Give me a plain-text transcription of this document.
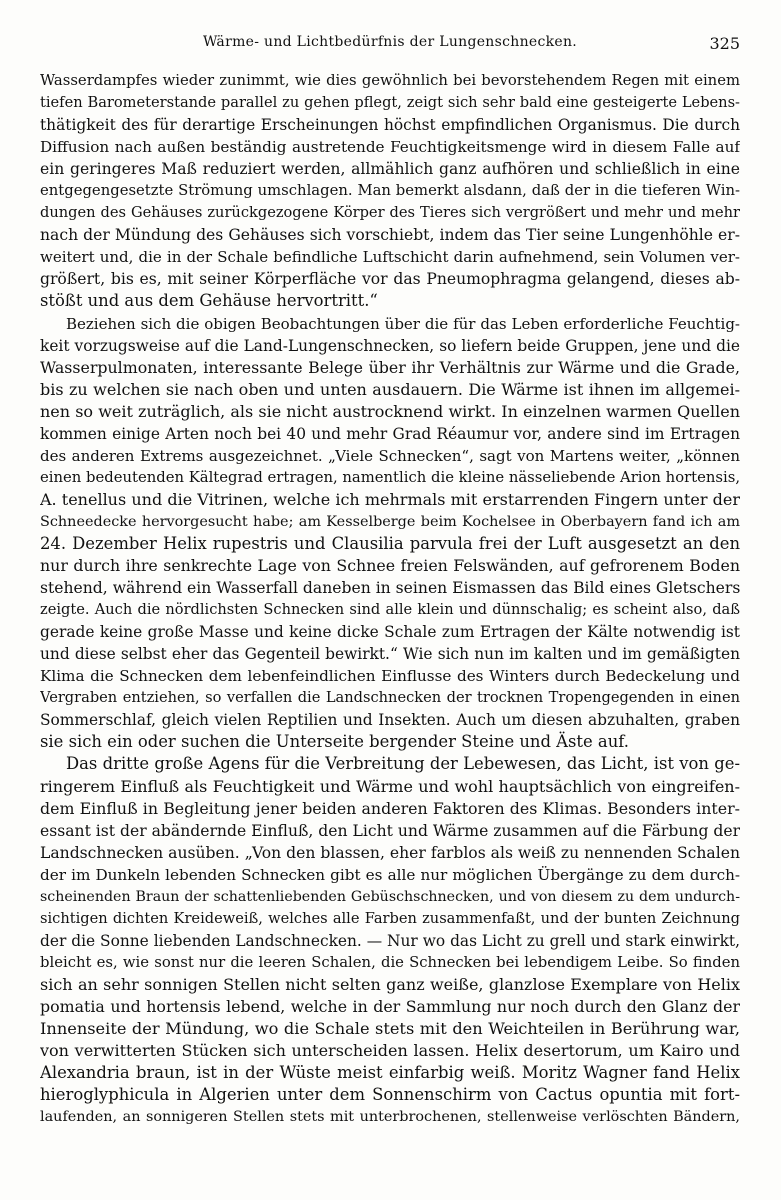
Wärme- und Lichtbedürfnis der Lungenschnecken.	325
Wasserdampfes wieder zunimmt, wie dies gewöhnlich bei bevorstehendem Regen mit einem
tiefen Barometerstande parallel zu gehen pflegt, zeigt sich sehr bald eine gesteigerte Lebens-
thätigkeit des für derartige Erscheinungen höchst empfindlichen Organismus. Die durch
Diffusion nach außen beständig austretende Feuchtigkeitsmenge wird in diesem Falle auf
ein geringeres Maß reduziert werden, allmählich ganz aufhören und schließlich in eine
entgegengesetzte Strömung umschlagen. Man bemerkt alsdann, daß der in die tieferen Win-
dungen des Gehäuses zurückgezogene Körper des Tieres sich vergrößert und mehr und mehr
nach der Mündung des Gehäuses sich vorschiebt, indem das Tier seine Lungenhöhle er-
weitert und, die in der Schale befindliche Luftschicht darin aufnehmend, sein Volumen ver-
größert, bis es, mit seiner Körperfläche vor das Pneumophragma gelangend, dieses ab-
stößt und aus dem Gehäuse hervortritt.“
Beziehen sich die obigen Beobachtungen über die für das Leben erforderliche Feuchtig-
keit vorzugsweise auf die Land-Lungenschnecken, so liefern beide Gruppen, jene und die
Wasserpulmonaten, interessante Belege über ihr Verhältnis zur Wärme und die Grade,
bis zu welchen sie nach oben und unten ausdauern. Die Wärme ist ihnen im allgemei-
nen so weit zuträglich, als sie nicht austrocknend wirkt. In einzelnen warmen Quellen
kommen einige Arten noch bei 40 und mehr Grad Réaumur vor, andere sind im Ertragen
des anderen Extrems ausgezeichnet. „Viele Schnecken“, sagt von Martens weiter, „können
einen bedeutenden Kältegrad ertragen, namentlich die kleine nässeliebende Arion hortensis,
A. tenellus und die Vitrinen, welche ich mehrmals mit erstarrenden Fingern unter der
Schneedecke hervorgesucht habe; am Kesselberge beim Kochelsee in Oberbayern fand ich am
24. Dezember Helix rupestris und Clausilia parvula frei der Luft ausgesetzt an den
nur durch ihre senkrechte Lage von Schnee freien Felswänden, auf gefrorenem Boden
stehend, während ein Wasserfall daneben in seinen Eismassen das Bild eines Gletschers
zeigte. Auch die nördlichsten Schnecken sind alle klein und dünnschalig; es scheint also, daß
gerade keine große Masse und keine dicke Schale zum Ertragen der Kälte notwendig ist
und diese selbst eher das Gegenteil bewirkt.“ Wie sich nun im kalten und im gemäßigten
Klima die Schnecken dem lebenfeindlichen Einflusse des Winters durch Bedeckelung und
Vergraben entziehen, so verfallen die Landschnecken der trocknen Tropengegenden in einen
Sommerschlaf, gleich vielen Reptilien und Insekten. Auch um diesen abzuhalten, graben
sie sich ein oder suchen die Unterseite bergender Steine und Äste auf.
Das dritte große Agens für die Verbreitung der Lebewesen, das Licht, ist von ge-
ringerem Einfluß als Feuchtigkeit und Wärme und wohl hauptsächlich von eingreifen-
dem Einfluß in Begleitung jener beiden anderen Faktoren des Klimas. Besonders inter-
essant ist der abändernde Einfluß, den Licht und Wärme zusammen auf die Färbung der
Landschnecken ausüben. „Von den blassen, eher farblos als weiß zu nennenden Schalen
der im Dunkeln lebenden Schnecken gibt es alle nur möglichen Übergänge zu dem durch-
scheinenden Braun der schattenliebenden Gebüschschnecken, und von diesem zu dem undurch-
sichtigen dichten Kreideweiß, welches alle Farben zusammenfaßt, und der bunten Zeichnung
der die Sonne liebenden Landschnecken. — Nur wo das Licht zu grell und stark einwirkt,
bleicht es, wie sonst nur die leeren Schalen, die Schnecken bei lebendigem Leibe. So finden
sich an sehr sonnigen Stellen nicht selten ganz weiße, glanzlose Exemplare von Helix
pomatia und hortensis lebend, welche in der Sammlung nur noch durch den Glanz der
Innenseite der Mündung, wo die Schale stets mit den Weichteilen in Berührung war,
von verwitterten Stücken sich unterscheiden lassen. Helix desertorum, um Kairo und
Alexandria braun, ist in der Wüste meist einfarbig weiß. Moritz Wagner fand Helix
hieroglyphicula in Algerien unter dem Sonnenschirm von Cactus opuntia mit fort-
laufenden, an sonnigeren Stellen stets mit unterbrochenen, stellenweise verlöschten Bändern,
